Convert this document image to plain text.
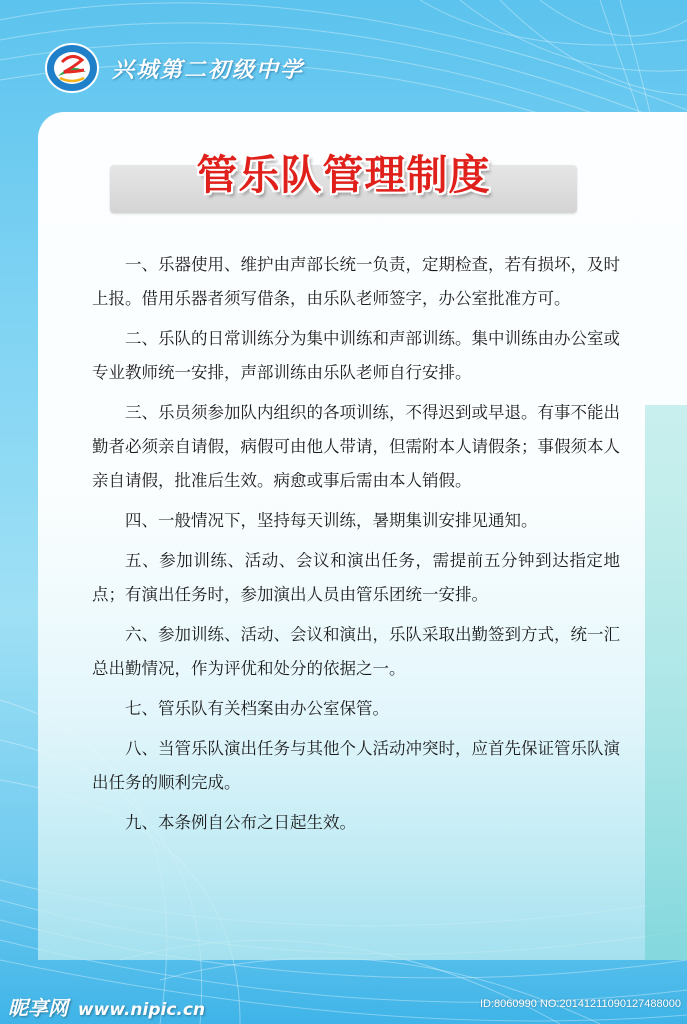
兴城第二初级中学
管乐队管理制度

一、乐器使用、维护由声部长统一负责，定期检查，若有损坏，及时上报。借用乐器者须写借条，由乐队老师签字，办公室批准方可。

二、乐队的日常训练分为集中训练和声部训练。集中训练由办公室或专业教师统一安排，声部训练由乐队老师自行安排。

三、乐员须参加队内组织的各项训练，不得迟到或早退。有事不能出勤者必须亲自请假，病假可由他人带请，但需附本人请假条；事假须本人亲自请假，批准后生效。病愈或事后需由本人销假。

四、一般情况下，坚持每天训练，暑期集训安排见通知。

五、参加训练、活动、会议和演出任务，需提前五分钟到达指定地点；有演出任务时，参加演出人员由管乐团统一安排。

六、参加训练、活动、会议和演出，乐队采取出勤签到方式，统一汇总出勤情况，作为评优和处分的依据之一。

七、管乐队有关档案由办公室保管。

八、当管乐队演出任务与其他个人活动冲突时，应首先保证管乐队演出任务的顺利完成。

九、本条例自公布之日起生效。

昵享网 www.nipic.cn	ID:8060990 NO:20141211090127488000
